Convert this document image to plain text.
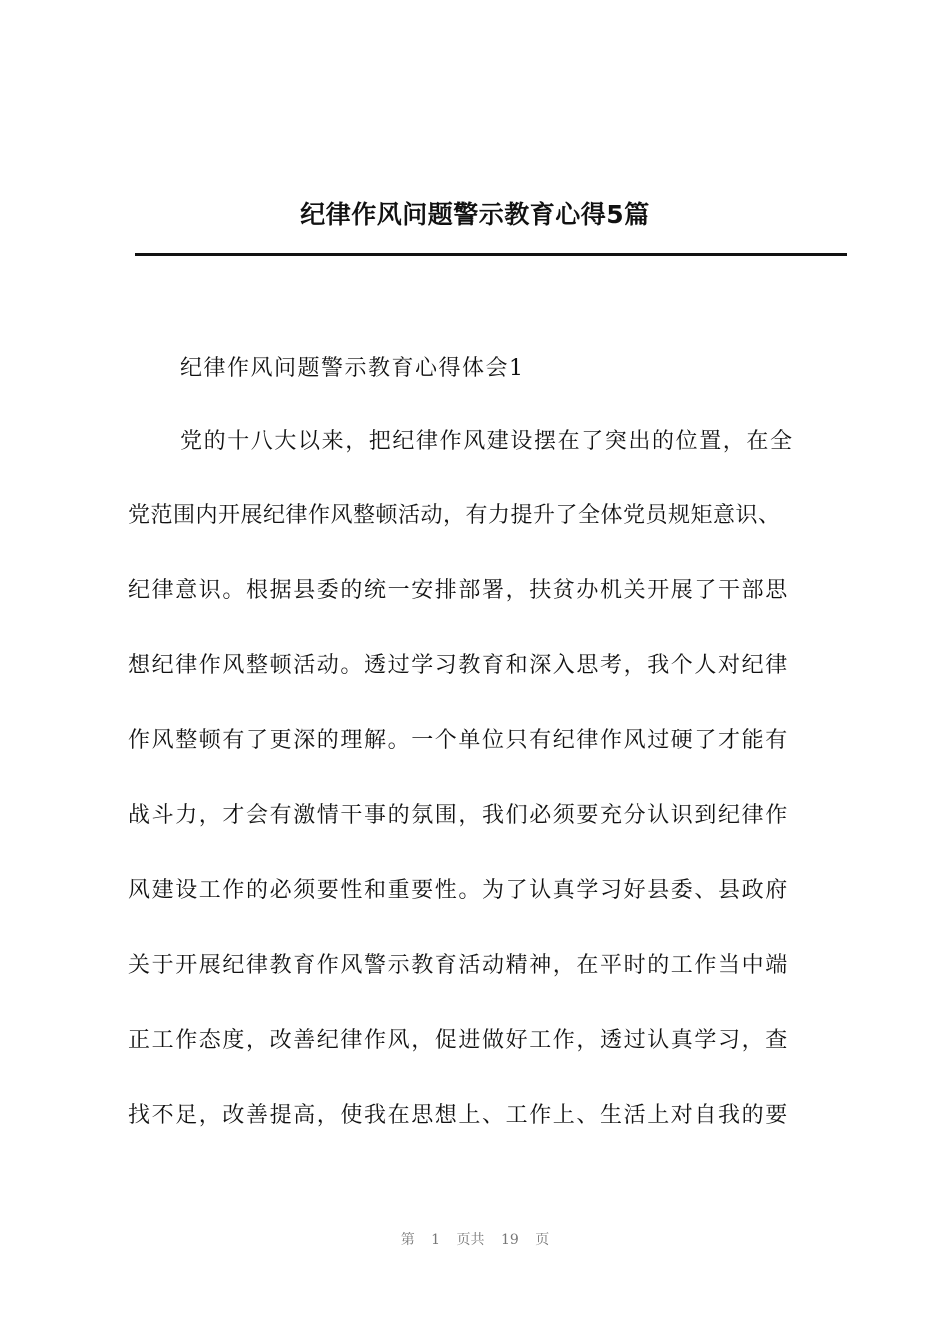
纪律作风问题警示教育心得5篇
纪律作风问题警示教育心得体会1
党的十八大以来，把纪律作风建设摆在了突出的位置，在全
党范围内开展纪律作风整顿活动，有力提升了全体党员规矩意识、
纪律意识。根据县委的统一安排部署，扶贫办机关开展了干部思
想纪律作风整顿活动。透过学习教育和深入思考，我个人对纪律
作风整顿有了更深的理解。一个单位只有纪律作风过硬了才能有
战斗力，才会有激情干事的氛围，我们必须要充分认识到纪律作
风建设工作的必须要性和重要性。为了认真学习好县委、县政府
关于开展纪律教育作风警示教育活动精神，在平时的工作当中端
正工作态度，改善纪律作风，促进做好工作，透过认真学习，查
找不足，改善提高，使我在思想上、工作上、生活上对自我的要
第 1 页共 19 页
